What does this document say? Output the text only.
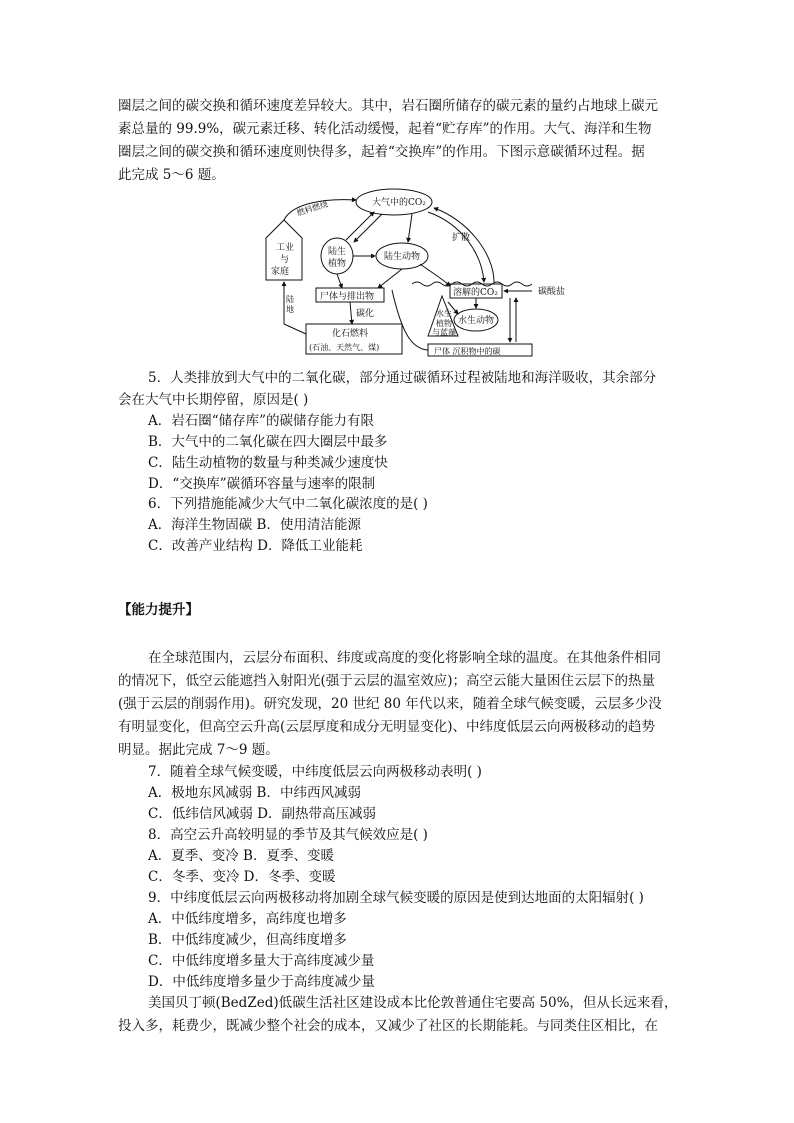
圈层之间的碳交换和循环速度差异较大。其中，岩石圈所储存的碳元素的量约占地球上碳元
素总量的 99.9%，碳元素迁移、转化活动缓慢，起着“贮存库”的作用。大气、海洋和生物
圈层之间的碳交换和循环速度则快得多，起着“交换库”的作用。下图示意碳循环过程。据
此完成 5～6 题。
大气中的CO₂
燃料燃烧
扩散
工业
与
家庭
陆生
植物
陆生动物
尸体与排出物	溶解的CO₂	碳酸盐
水生
植物
与蓝藻
水生动物
陆
地	碳化
化石燃料
(石油、天然气、煤)	尸体 沉积物中的碳
5．人类排放到大气中的二氧化碳，部分通过碳循环过程被陆地和海洋吸收，其余部分
会在大气中长期停留，原因是( )
A．岩石圈“储存库”的碳储存能力有限
B．大气中的二氧化碳在四大圈层中最多
C．陆生动植物的数量与种类减少速度快
D．“交换库”碳循环容量与速率的限制
6．下列措施能减少大气中二氧化碳浓度的是( )
A．海洋生物固碳 B．使用清洁能源
C．改善产业结构 D．降低工业能耗
【能力提升】
在全球范围内，云层分布面积、纬度或高度的变化将影响全球的温度。在其他条件相同
的情况下，低空云能遮挡入射阳光(强于云层的温室效应)；高空云能大量困住云层下的热量
(强于云层的削弱作用)。研究发现，20 世纪 80 年代以来，随着全球气候变暖，云层多少没
有明显变化，但高空云升高(云层厚度和成分无明显变化)、中纬度低层云向两极移动的趋势
明显。据此完成 7～9 题。
7．随着全球气候变暖，中纬度低层云向两极移动表明( )
A．极地东风减弱 B．中纬西风减弱
C．低纬信风减弱 D．副热带高压减弱
8．高空云升高较明显的季节及其气候效应是( )
A．夏季、变冷 B．夏季、变暖
C．冬季、变冷 D．冬季、变暖
9．中纬度低层云向两极移动将加剧全球气候变暖的原因是使到达地面的太阳辐射( )
A．中低纬度增多，高纬度也增多
B．中低纬度减少，但高纬度增多
C．中低纬度增多量大于高纬度减少量
D．中低纬度增多量少于高纬度减少量
美国贝丁顿(BedZed)低碳生活社区建设成本比伦敦普通住宅要高 50%，但从长远来看，
投入多，耗费少，既减少整个社会的成本，又减少了社区的长期能耗。与同类住区相比，在
